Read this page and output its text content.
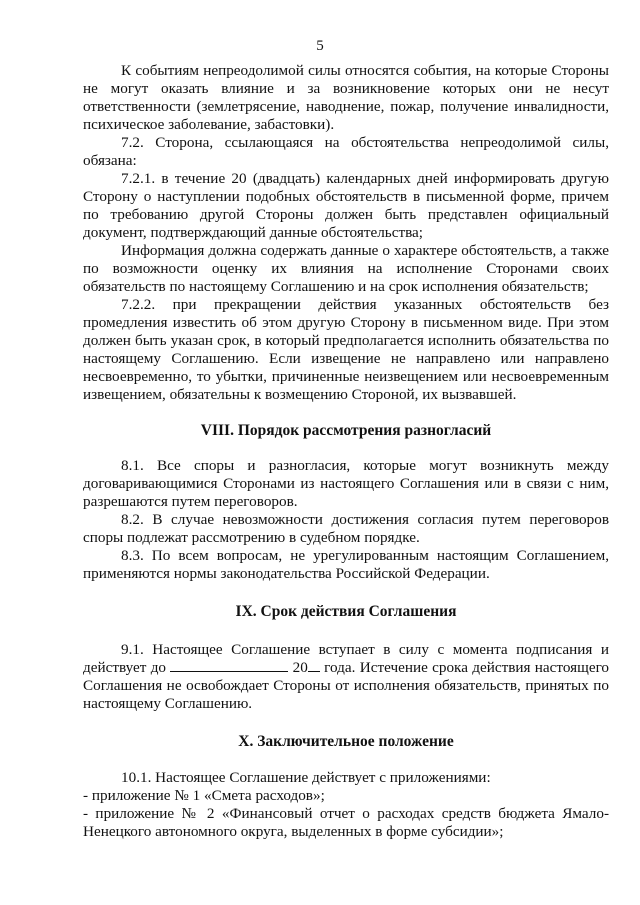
5

К событиям непреодолимой силы относятся события, на которые Стороны не могут оказать влияние и за возникновение которых они не несут ответственности (землетрясение, наводнение, пожар, получение инвалидности, психическое заболевание, забастовки).

7.2. Сторона, ссылающаяся на обстоятельства непреодолимой силы, обязана:

7.2.1. в течение 20 (двадцать) календарных дней информировать другую Сторону о наступлении подобных обстоятельств в письменной форме, причем по требованию другой Стороны должен быть представлен официальный документ, подтверждающий данные обстоятельства;

Информация должна содержать данные о характере обстоятельств, а также по возможности оценку их влияния на исполнение Сторонами своих обязательств по настоящему Соглашению и на срок исполнения обязательств;

7.2.2. при прекращении действия указанных обстоятельств без промедления известить об этом другую Сторону в письменном виде. При этом должен быть указан срок, в который предполагается исполнить обязательства по настоящему Соглашению. Если извещение не направлено или направлено несвоевременно, то убытки, причиненные неизвещением или несвоевременным извещением, обязательны к возмещению Стороной, их вызвавшей.

VIII. Порядок рассмотрения разногласий

8.1. Все споры и разногласия, которые могут возникнуть между договаривающимися Сторонами из настоящего Соглашения или в связи с ним, разрешаются путем переговоров.

8.2. В случае невозможности достижения согласия путем переговоров споры подлежат рассмотрению в судебном порядке.

8.3. По всем вопросам, не урегулированным настоящим Соглашением, применяются нормы законодательства Российской Федерации.

IX. Срок действия Соглашения

9.1. Настоящее Соглашение вступает в силу с момента подписания и действует до	20 года. Истечение срока действия настоящего Соглашения не освобождает Стороны от исполнения обязательств, принятых по настоящему Соглашению.

X. Заключительное положение

10.1. Настоящее Соглашение действует с приложениями:

- приложение № 1 «Смета расходов»;

- приложение № 2 «Финансовый отчет о расходах средств бюджета Ямало-Ненецкого автономного округа, выделенных в форме субсидии»;
